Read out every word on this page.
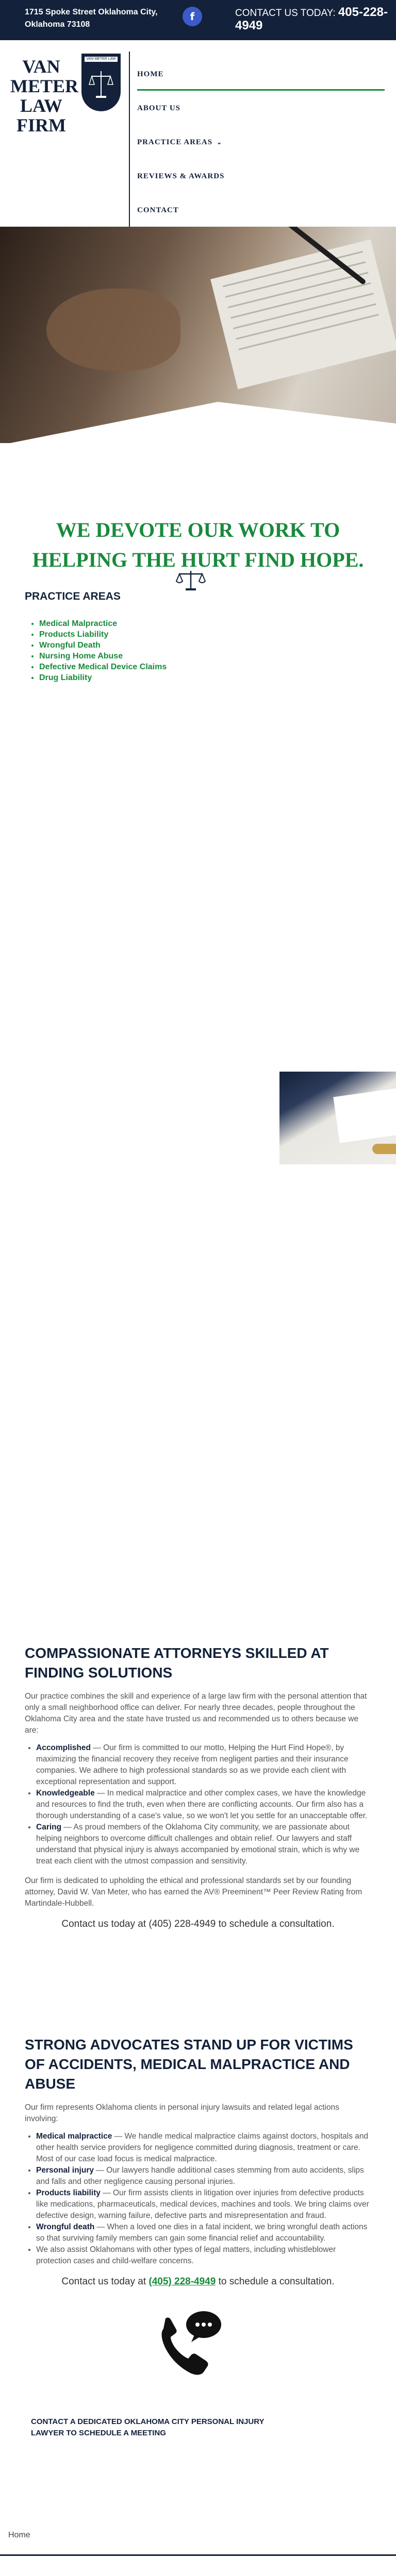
1715 Spoke Street Oklahoma City, Oklahoma 73108
f	CONTACT US TODAY: 405-228-4949
VAN METER LAW FIRM
VAN METER LAW FIRM
HOME
ABOUT US
PRACTICE AREAS ⌄
REVIEWS & AWARDS
CONTACT
WE DEVOTE OUR WORK TO HELPING THE HURT FIND HOPE.
PRACTICE AREAS
• Medical Malpractice
• Products Liability
• Wrongful Death
• Nursing Home Abuse
• Defective Medical Device Claims
• Drug Liability
COMPASSIONATE ATTORNEYS SKILLED AT FINDING SOLUTIONS

Our practice combines the skill and experience of a large law firm with the personal attention that only a small neighborhood office can deliver. For nearly three decades, people throughout the Oklahoma City area and the state have trusted us and recommended us to others because we are:

• Accomplished — Our firm is committed to our motto, Helping the Hurt Find Hope®, by maximizing the financial recovery they receive from negligent parties and their insurance companies. We adhere to high professional standards so as we provide each client with exceptional representation and support.
• Knowledgeable — In medical malpractice and other complex cases, we have the knowledge and resources to find the truth, even when there are conflicting accounts. Our firm also has a thorough understanding of a case's value, so we won't let you settle for an unacceptable offer.
• Caring — As proud members of the Oklahoma City community, we are passionate about helping neighbors to overcome difficult challenges and obtain relief. Our lawyers and staff understand that physical injury is always accompanied by emotional strain, which is why we treat each client with the utmost compassion and sensitivity.

Our firm is dedicated to upholding the ethical and professional standards set by our founding attorney, David W. Van Meter, who has earned the AV® Preeminent™ Peer Review Rating from Martindale-Hubbell.

Contact us today at (405) 228-4949 to schedule a consultation.
STRONG ADVOCATES STAND UP FOR VICTIMS OF ACCIDENTS, MEDICAL MALPRACTICE AND ABUSE

Our firm represents Oklahoma clients in personal injury lawsuits and related legal actions involving:

• Medical malpractice — We handle medical malpractice claims against doctors, hospitals and other health service providers for negligence committed during diagnosis, treatment or care. Most of our case load focus is medical malpractice.
• Personal injury — Our lawyers handle additional cases stemming from auto accidents, slips and falls and other negligence causing personal injuries.
• Products liability — Our firm assists clients in litigation over injuries from defective products like medications, pharmaceuticals, medical devices, machines and tools. We bring claims over defective design, warning failure, defective parts and misrepresentation and fraud.
• Wrongful death — When a loved one dies in a fatal incident, we bring wrongful death actions so that surviving family members can gain some financial relief and accountability.
• We also assist Oklahomans with other types of legal matters, including whistleblower protection cases and child-welfare concerns.
Contact us today at (405) 228-4949 to schedule a consultation.
CONTACT A DEDICATED OKLAHOMA CITY PERSONAL INJURY LAWYER TO SCHEDULE A MEETING
Home
